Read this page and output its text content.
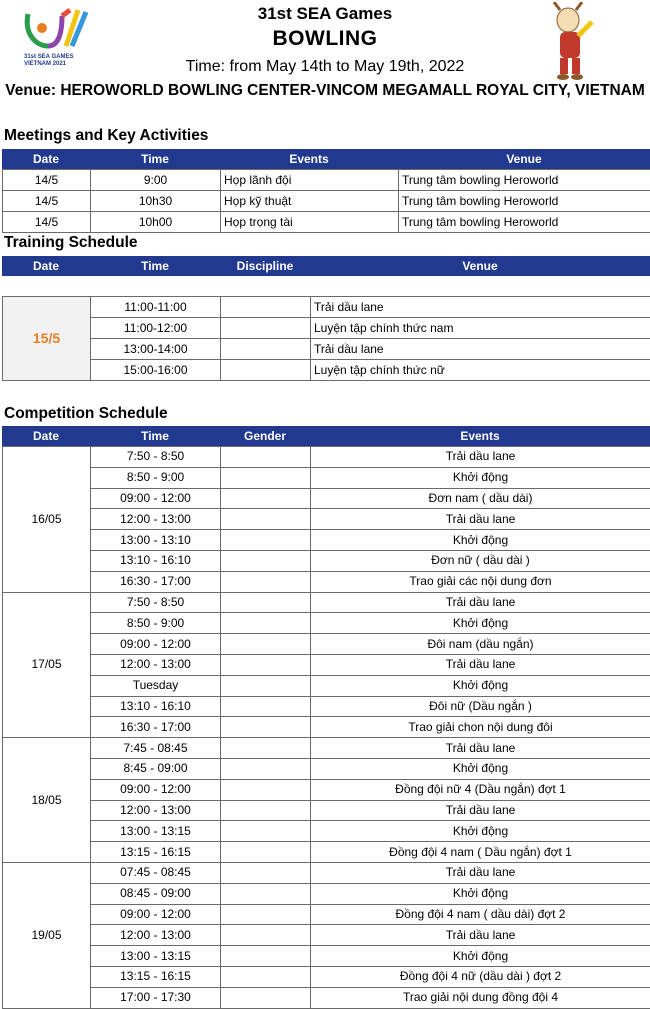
31st SEA GAMES
VIETNAM 2021
31st SEA Games
BOWLING
Time: from May 14th to May 19th, 2022
Venue: HEROWORLD BOWLING CENTER-VINCOM MEGAMALL ROYAL CITY, VIETNAM
Meetings and Key Activities
Date	Time	Events	Venue
14/5	9:00	Họp lãnh đội	Trung tâm bowling Heroworld
14/5	10h30	Họp kỹ thuật	Trung tâm bowling Heroworld
14/5	10h00	Họp trọng tài	Trung tâm bowling Heroworld
Training Schedule
Date	Time	Discipline	Venue
15/5	11:00-11:00		Trải dầu lane
	11:00-12:00		Luyện tập chính thức nam
	13:00-14:00		Trải dầu lane
	15:00-16:00		Luyện tập chính thức nữ
Competition Schedule
Date	Time	Gender	Events
16/05	7:50 - 8:50		Trải dầu lane
	8:50 - 9:00		Khởi động
	09:00 - 12:00		Đơn nam ( dầu dài)
	12:00 - 13:00		Trải dầu lane
	13:00 - 13:10		Khởi động
	13:10 - 16:10		Đơn nữ ( dầu dài )
	16:30 - 17:00		Trao giải các nội dung đơn
17/05	7:50 - 8:50		Trải dầu lane
	8:50 - 9:00		Khởi động
	09:00 - 12:00		Đôi nam (dầu ngắn)
	12:00 - 13:00		Trải dầu lane
	Tuesday		Khởi động
	13:10 - 16:10		Đôi nữ (Dầu ngắn )
	16:30 - 17:00		Trao giải chon nội dung đôi
18/05	7:45 - 08:45		Trải dầu lane
	8:45 - 09:00		Khởi động
	09:00 - 12:00		Đồng đội nữ 4 (Dầu ngắn) đợt 1
	12:00 - 13:00		Trải dầu lane
	13:00 - 13:15		Khởi động
	13:15 - 16:15		Đồng đội 4 nam ( Dầu ngắn) đợt 1
19/05	07:45 - 08:45		Trải dầu lane
	08:45 - 09:00		Khởi động
	09:00 - 12:00		Đồng đội 4 nam ( dầu dài) đợt 2
	12:00 - 13:00		Trải dầu lane
	13:00 - 13:15		Khởi động
	13:15 - 16:15		Đồng đội 4 nữ (dầu dài ) đợt 2
	17:00 - 17:30		Trao giải nội dung đồng đội 4
